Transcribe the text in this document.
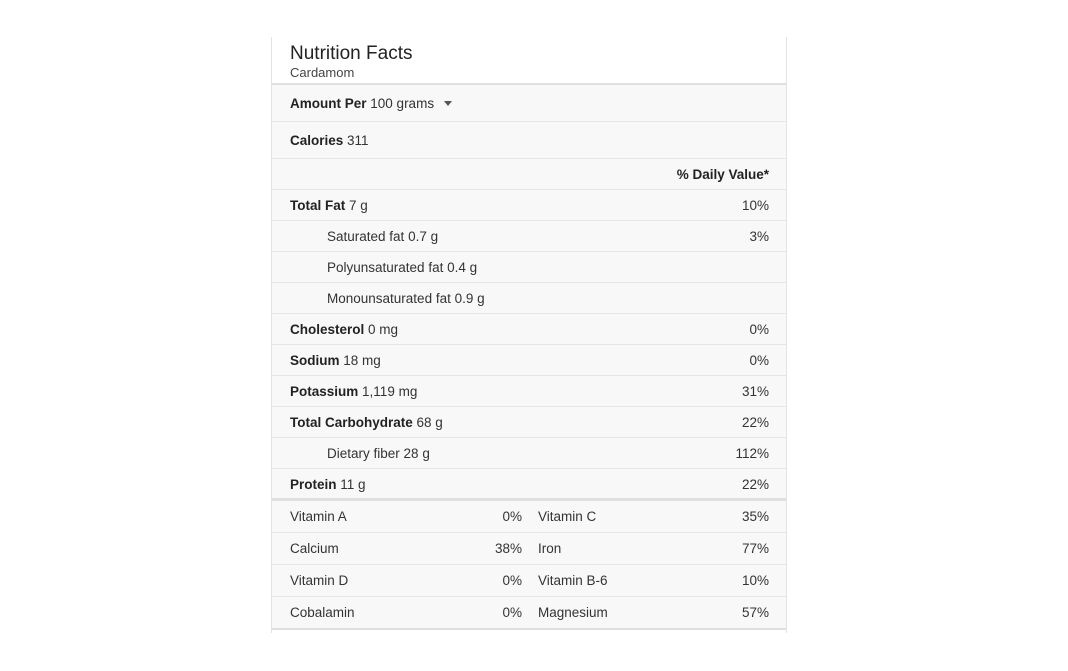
Nutrition Facts
Cardamom
Amount Per 100 grams
Calories 311
% Daily Value*
Total Fat 7 g	10%
Saturated fat 0.7 g	3%
Polyunsaturated fat 0.4 g
Monounsaturated fat 0.9 g
Cholesterol 0 mg	0%
Sodium 18 mg	0%
Potassium 1,119 mg	31%
Total Carbohydrate 68 g	22%
Dietary fiber 28 g	112%
Protein 11 g	22%
Vitamin A	0% Vitamin C	35%
Calcium	38% Iron	77%
Vitamin D	0% Vitamin B-6	10%
Cobalamin	0% Magnesium	57%
